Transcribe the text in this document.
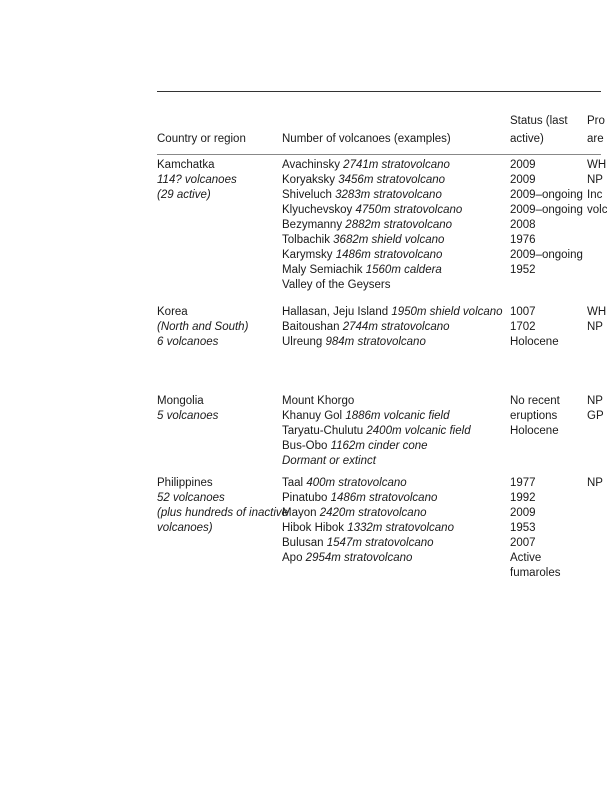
Country or region	Number of volcanoes (examples)
Status (last
active)
Pro
are
Kamchatka
114? volcanoes
(29 active)
Avachinsky 2741m stratovolcano
Koryaksky 3456m stratovolcano
Shiveluch 3283m stratovolcano
Klyuchevskoy 4750m stratovolcano
Bezymanny 2882m stratovolcano
Tolbachik 3682m shield volcano
Karymsky 1486m stratovolcano
Maly Semiachik 1560m caldera
Valley of the Geysers
2009
2009
2009–ongoing
2009–ongoing
2008
1976
2009–ongoing
1952
WH
NP
Inc
volc
Korea
(North and South)
6 volcanoes
Hallasan, Jeju Island 1950m shield volcano
Baitoushan 2744m stratovolcano
Ulreung 984m stratovolcano
1007
1702
Holocene
WH
NP
Mongolia
5 volcanoes
Mount Khorgo
Khanuy Gol 1886m volcanic field
Taryatu-Chulutu 2400m volcanic field
Bus-Obo 1162m cinder cone
Dormant or extinct
No recent
eruptions
Holocene
NP
GP
Philippines
52 volcanoes
(plus hundreds of inactive
volcanoes)
Taal 400m stratovolcano
Pinatubo 1486m stratovolcano
Mayon 2420m stratovolcano
Hibok Hibok 1332m stratovolcano
Bulusan 1547m stratovolcano
Apo 2954m stratovolcano
1977
1992
2009
1953
2007
Active
fumaroles
NP
